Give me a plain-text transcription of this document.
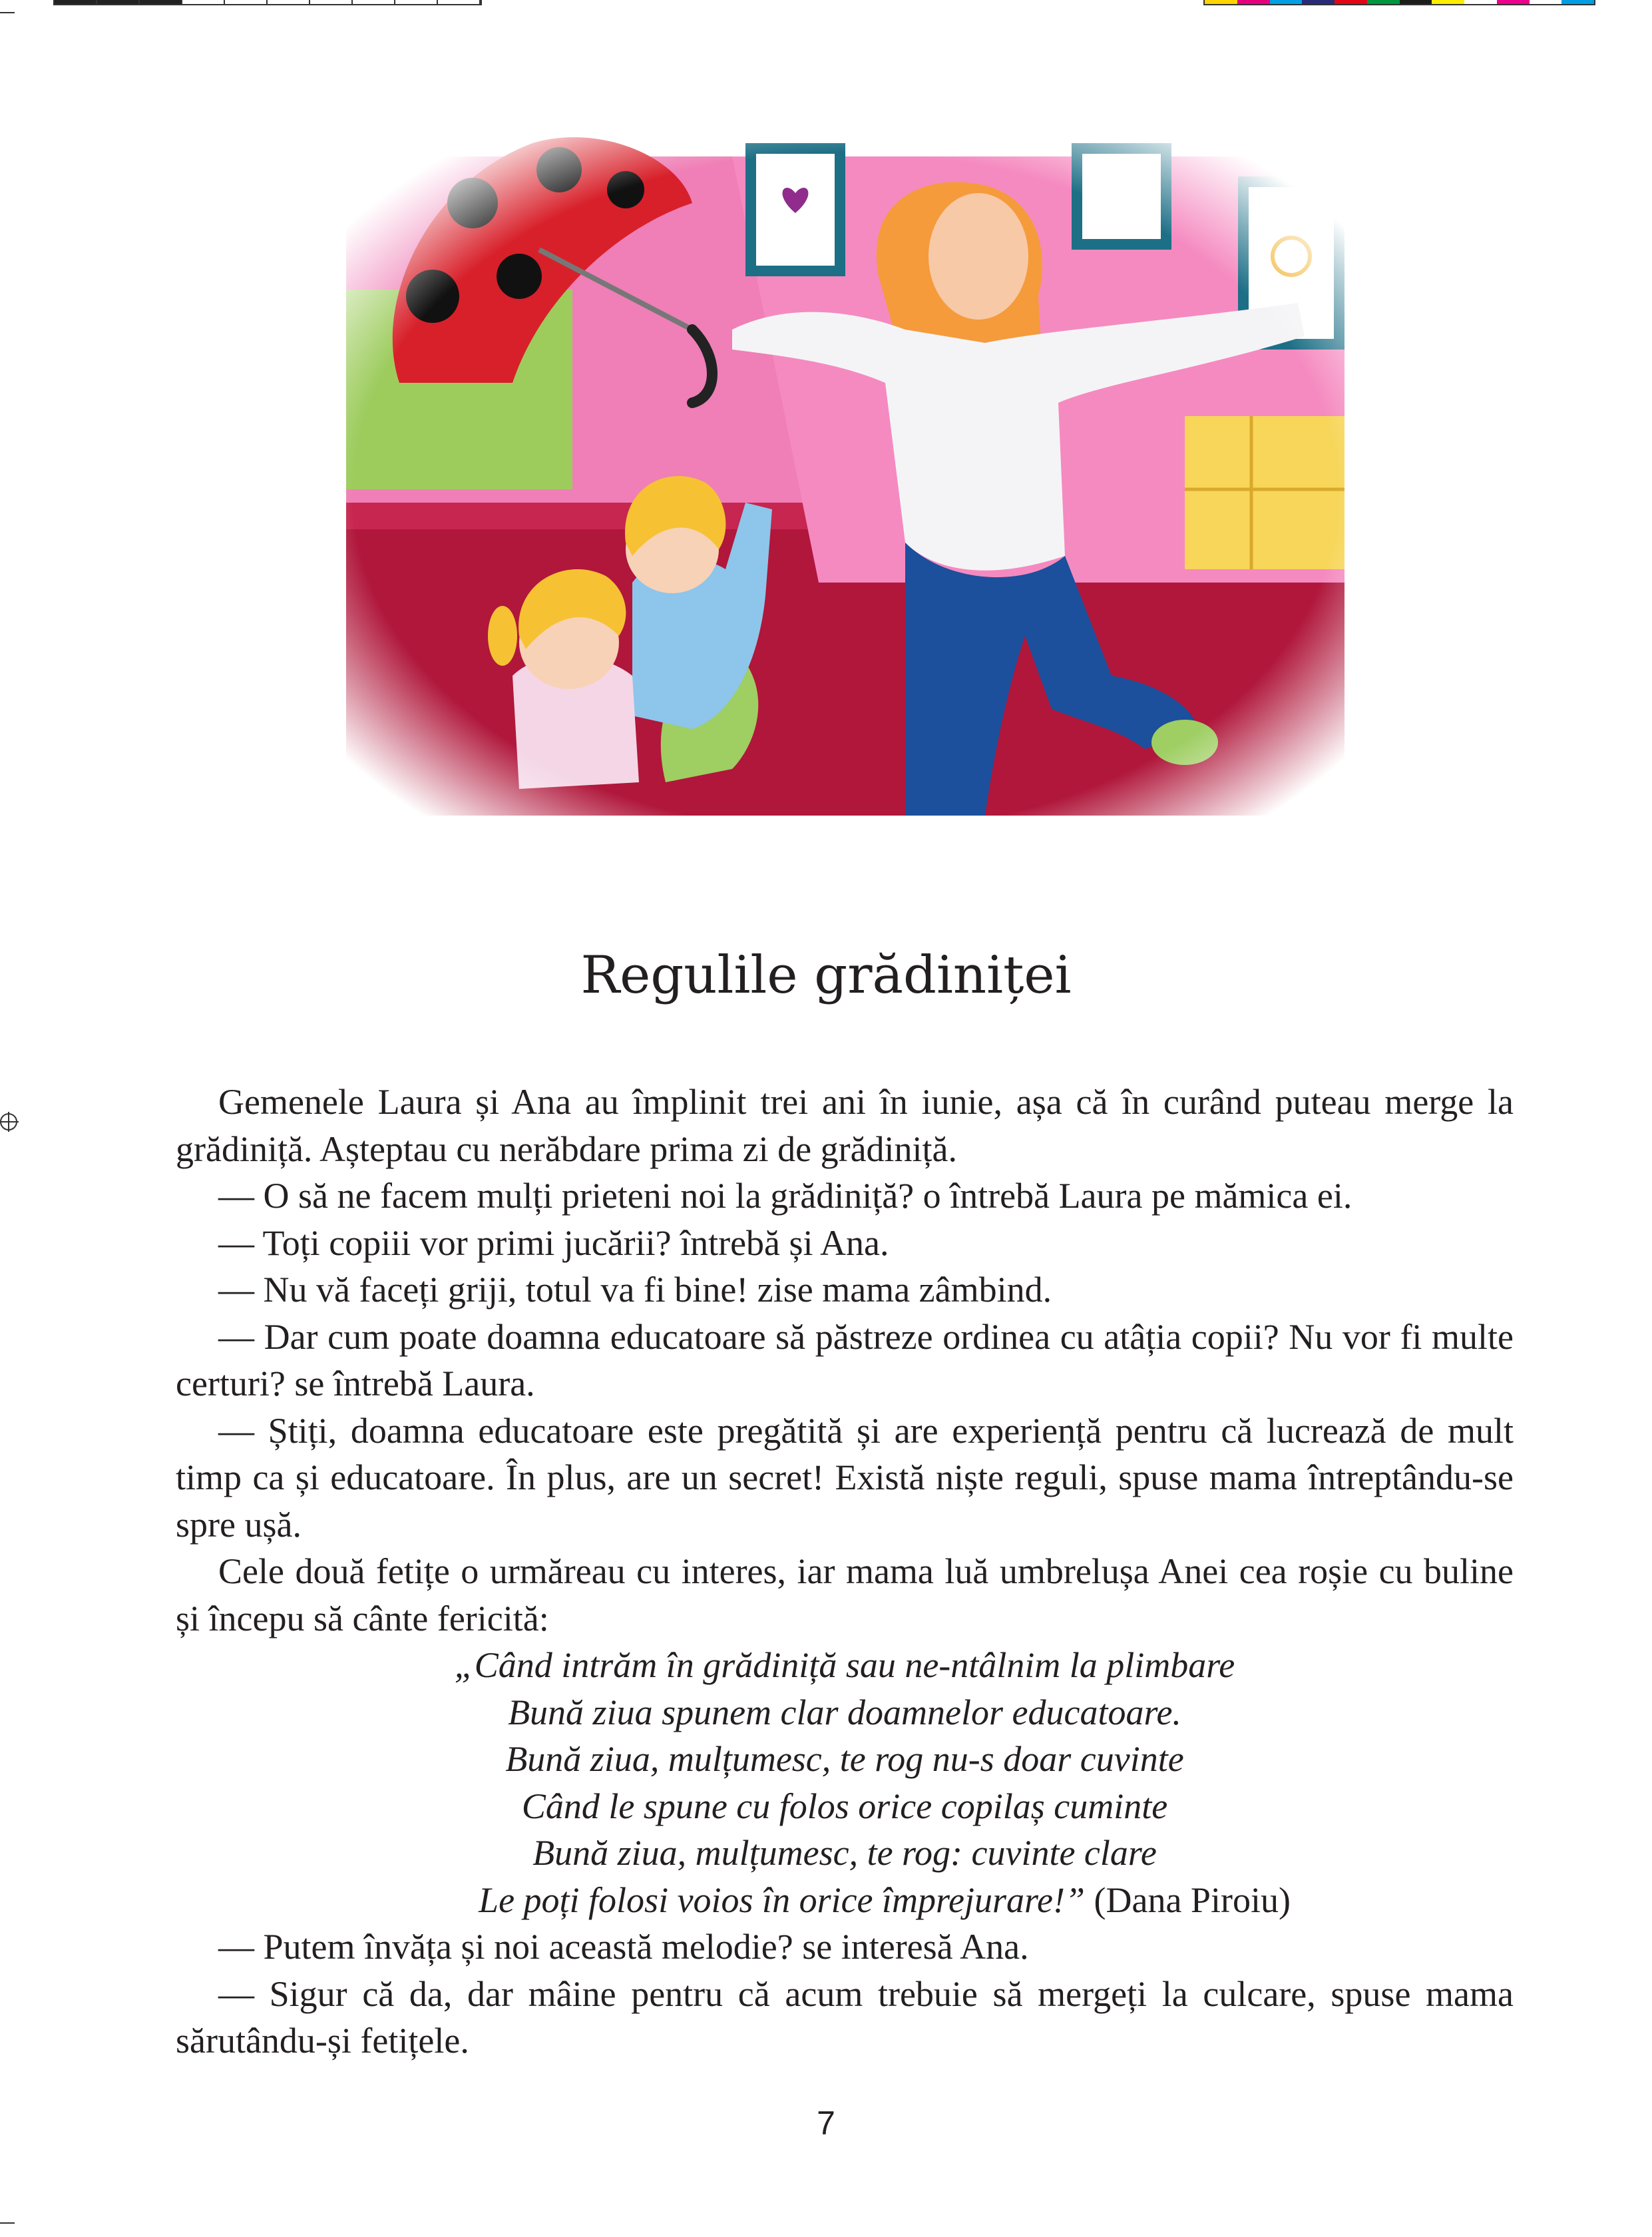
Regulile grădiniței

Gemenele Laura și Ana au împlinit trei ani în iunie, așa că în curând puteau merge la grădiniță. Așteptau cu nerăbdare prima zi de grădiniță.

— O să ne facem mulți prieteni noi la grădiniță? o întrebă Laura pe mămica ei.

— Toți copiii vor primi jucării? întrebă și Ana.

— Nu vă faceți griji, totul va fi bine! zise mama zâmbind.

— Dar cum poate doamna educatoare să păstreze ordinea cu atâția copii? Nu vor fi multe certuri? se întrebă Laura.

— Știți, doamna educatoare este pregătită și are experiență pentru că lucrează de mult timp ca și educatoare. În plus, are un secret! Există niște reguli, spuse mama întreptându-se spre ușă.

Cele două fetițe o urmăreau cu interes, iar mama luă umbrelușa Anei cea roșie cu buline și începu să cânte fericită:

„Când intrăm în grădiniță sau ne-ntâlnim la plimbare
Bună ziua spunem clar doamnelor educatoare.
Bună ziua, mulțumesc, te rog nu-s doar cuvinte
Când le spune cu folos orice copilaș cuminte
Bună ziua, mulțumesc, te rog: cuvinte clare
Le poți folosi voios în orice împrejurare!” (Dana Piroiu)

— Putem învăța și noi această melodie? se interesă Ana.

— Sigur că da, dar mâine pentru că acum trebuie să mergeți la culcare, spuse mama sărutându-și fetițele.

7
